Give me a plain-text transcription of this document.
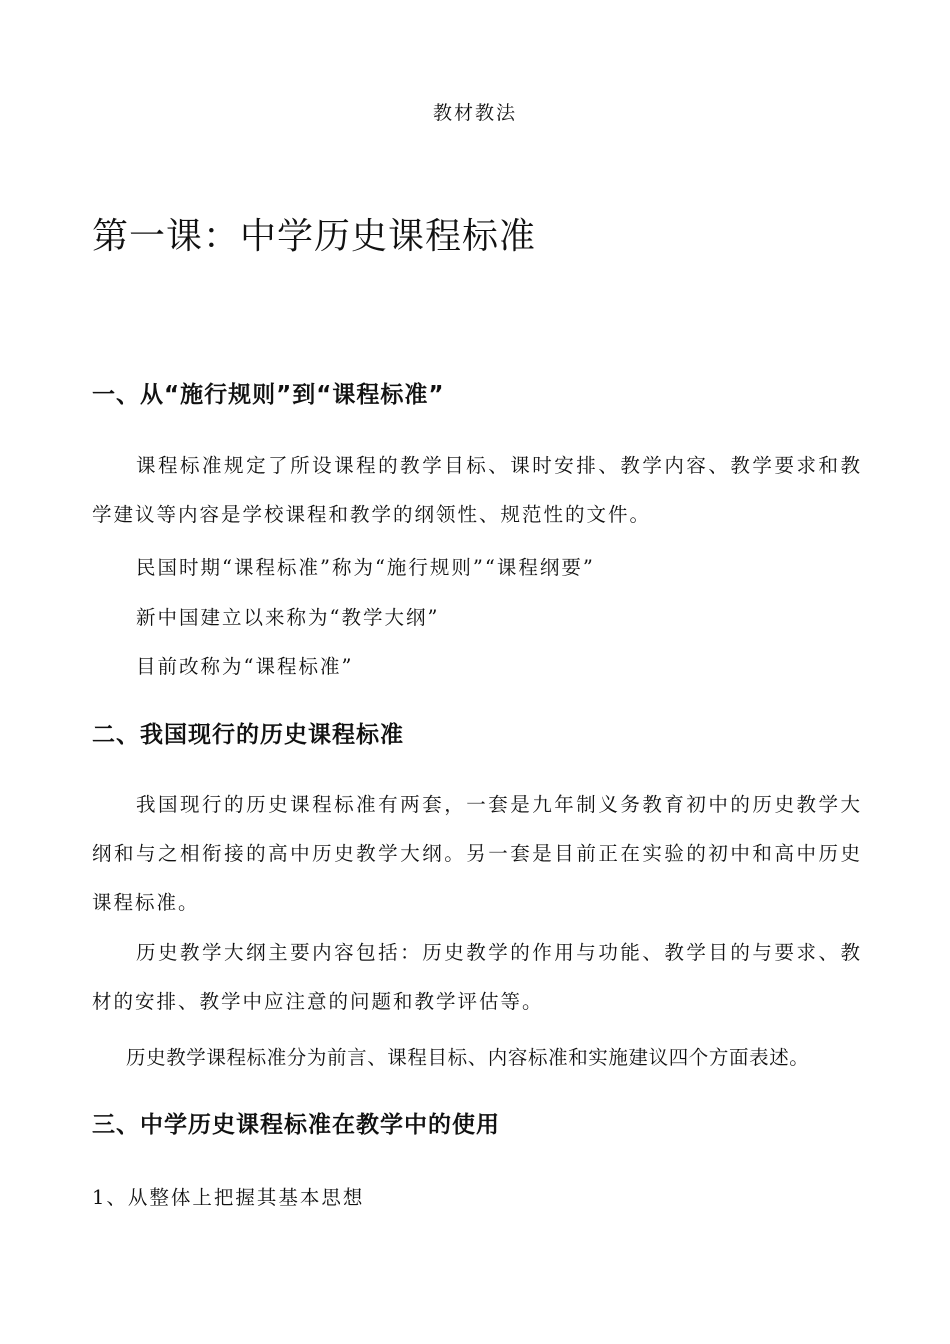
教材教法
第一课：中学历史课程标准
一、从“施行规则”到“课程标准”
课程标准规定了所设课程的教学目标、课时安排、教学内容、教学要求和教学建议等内容是学校课程和教学的纲领性、规范性的文件。
民国时期“课程标准”称为“施行规则”“课程纲要”
新中国建立以来称为“教学大纲”
目前改称为“课程标准”
二、我国现行的历史课程标准
我国现行的历史课程标准有两套，一套是九年制义务教育初中的历史教学大纲和与之相衔接的高中历史教学大纲。另一套是目前正在实验的初中和高中历史课程标准。
历史教学大纲主要内容包括：历史教学的作用与功能、教学目的与要求、教材的安排、教学中应注意的问题和教学评估等。
历史教学课程标准分为前言、课程目标、内容标准和实施建议四个方面表述。
三、中学历史课程标准在教学中的使用
1、从整体上把握其基本思想
